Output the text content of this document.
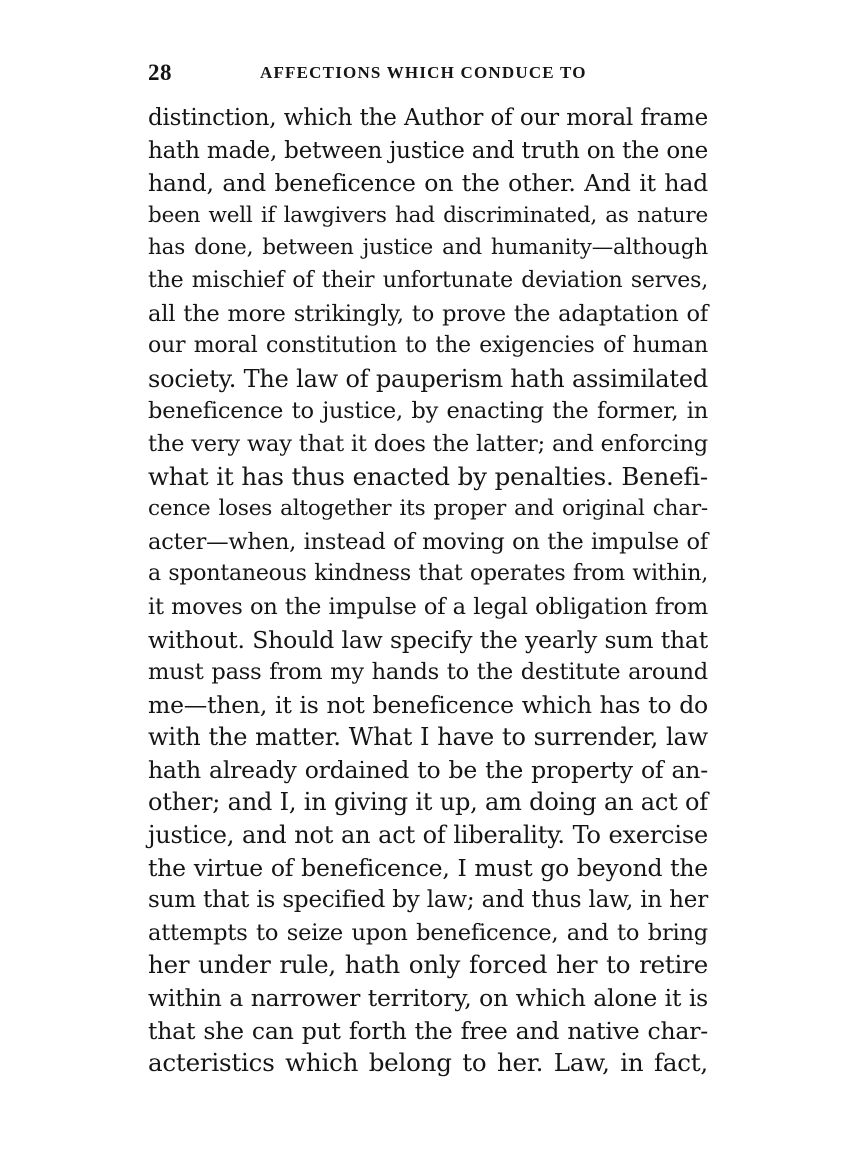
28	AFFECTIONS WHICH CONDUCE TO
distinction, which the Author of our moral frame
hath made, between justice and truth on the one
hand, and beneficence on the other. And it had
been well if lawgivers had discriminated, as nature
has done, between justice and humanity—although
the mischief of their unfortunate deviation serves,
all the more strikingly, to prove the adaptation of
our moral constitution to the exigencies of human
society. The law of pauperism hath assimilated
beneficence to justice, by enacting the former, in
the very way that it does the latter; and enforcing
what it has thus enacted by penalties. Benefi-
cence loses altogether its proper and original char-
acter—when, instead of moving on the impulse of
a spontaneous kindness that operates from within,
it moves on the impulse of a legal obligation from
without. Should law specify the yearly sum that
must pass from my hands to the destitute around
me—then, it is not beneficence which has to do
with the matter. What I have to surrender, law
hath already ordained to be the property of an-
other; and I, in giving it up, am doing an act of
justice, and not an act of liberality. To exercise
the virtue of beneficence, I must go beyond the
sum that is specified by law; and thus law, in her
attempts to seize upon beneficence, and to bring
her under rule, hath only forced her to retire
within a narrower territory, on which alone it is
that she can put forth the free and native char-
acteristics which belong to her. Law, in fact,
